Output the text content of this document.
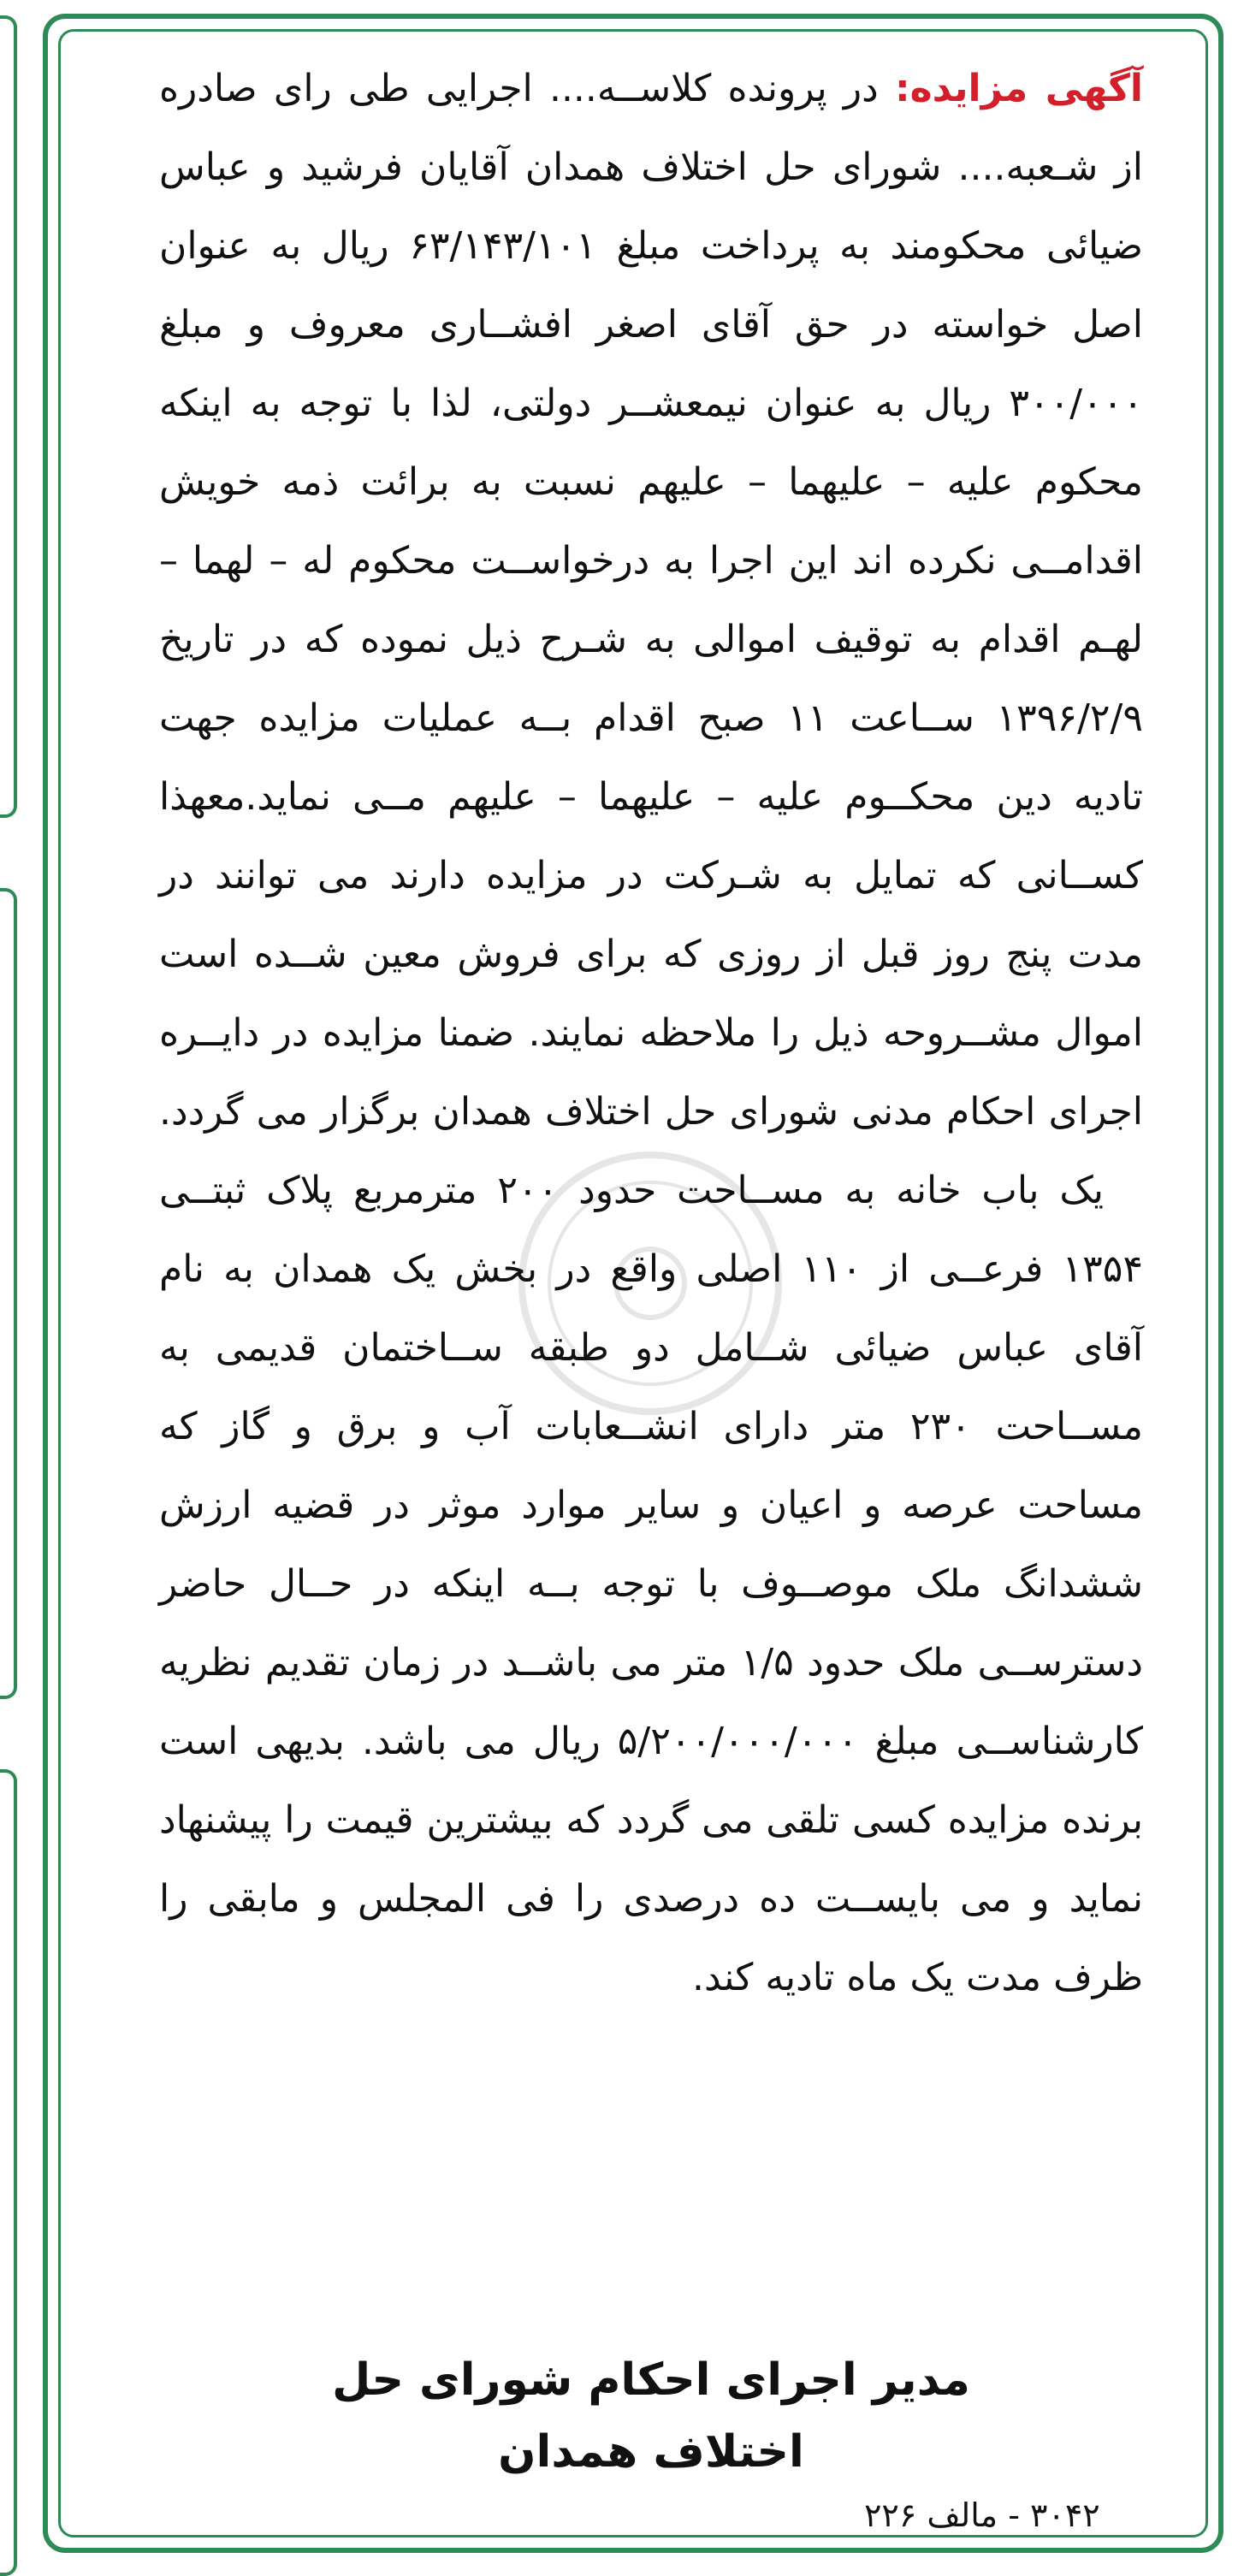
آگهی مزایده: در پرونده کلاســه.... اجرایی طی رای صادره از شـعبه.... شورای حل اختلاف همدان آقایان فرشید و عباس ضیائی محکومند به پرداخت مبلغ ۶۳/۱۴۳/۱۰۱ ریال به عنوان اصل خواسته در حق آقای اصغر افشــاری معروف و مبلغ ۳۰۰/۰۰۰ ریال به عنوان نیمعشــر دولتی، لذا با توجه به اینکه محکوم علیه – علیهما – علیهم نسبت به برائت ذمه خویش اقدامــی نکرده اند این اجرا به درخواســت محکوم له – لهما – لهـم اقدام به توقیف اموالی به شـرح ذیل نموده که در تاریخ ۱۳۹۶/۲/۹ ســاعت ۱۱ صبح اقدام بــه عملیات مزایده جهت تادیه دین محکــوم علیه – علیهما – علیهم مــی نماید.معهذا کســانی که تمایل به شـرکت در مزایده دارند می توانند در مدت پنج روز قبل از روزی که برای فروش معین شــده است اموال مشــروحه ذیل را ملاحظه نمایند. ضمنا مزایده در دایــره اجرای احکام مدنی شورای حل اختلاف همدان برگزار می گردد.

یک باب خانه به مســاحت حدود ۲۰۰ مترمربع پلاک ثبتــی ۱۳۵۴ فرعــی از ۱۱۰ اصلی واقع در بخش یک همدان به نام آقای عباس ضیائی شــامل دو طبقه ســاختمان قدیمی به مســاحت ۲۳۰ متر دارای انشــعابات آب و برق و گاز که مساحت عرصه و اعیان و سایر موارد موثر در قضیه ارزش ششدانگ ملک موصــوف با توجه بــه اینکه در حــال حاضر دسترســی ملک حدود ۱/۵ متر می باشــد در زمان تقدیم نظریه کارشناســی مبلغ ۵/۲۰۰/۰۰۰/۰۰۰ ریال می باشد. بدیهی است برنده مزایده کسی تلقی می گردد که بیشترین قیمت را پیشنهاد نماید و می بایســت ده درصدی را فی المجلس و مابقی را ظرف مدت یک ماه تادیه کند.

مدیر اجرای احکام شورای حل
اختلاف همدان
۳۰۴۲ - مالف ۲۲۶
